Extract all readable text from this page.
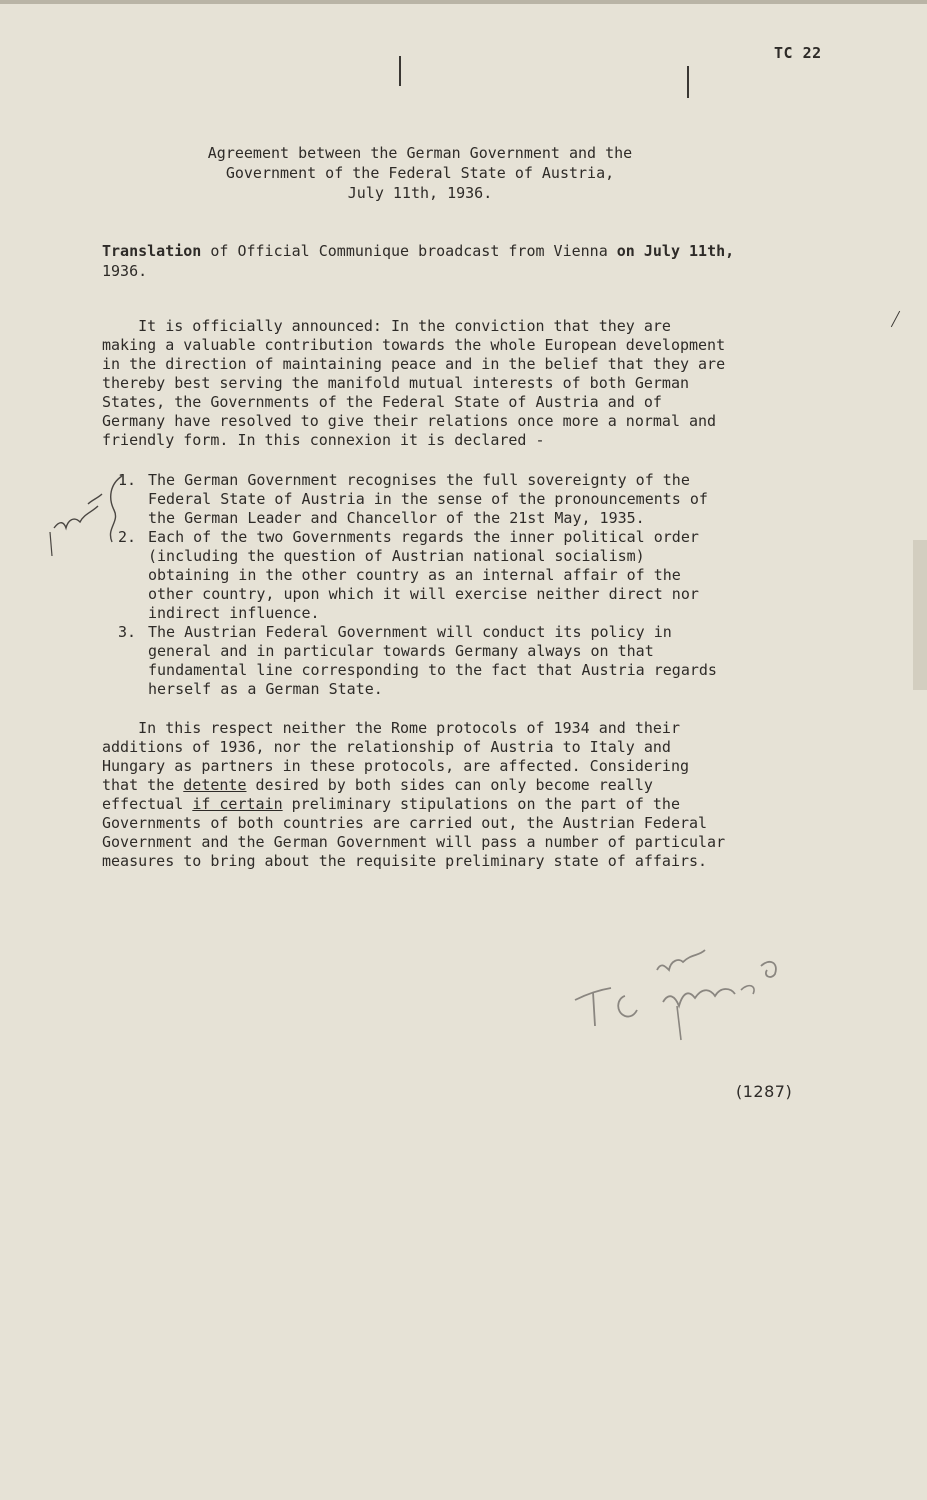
TC 22
Agreement between the German Government and the
Government of the Federal State of Austria,
July 11th, 1936.
Translation of Official Communique broadcast from Vienna on July 11th,
1936.
It is officially announced: In the conviction that they are
making a valuable contribution towards the whole European development
in the direction of maintaining peace and in the belief that they are
thereby best serving the manifold mutual interests of both German
States, the Governments of the Federal State of Austria and of
Germany have resolved to give their relations once more a normal and
friendly form. In this connexion it is declared -
1. The German Government recognises the full sovereignty of the
Federal State of Austria in the sense of the pronouncements of
the German Leader and Chancellor of the 21st May, 1935.
2. Each of the two Governments regards the inner political order
(including the question of Austrian national socialism)
obtaining in the other country as an internal affair of the
other country, upon which it will exercise neither direct nor
indirect influence.
3. The Austrian Federal Government will conduct its policy in
general and in particular towards Germany always on that
fundamental line corresponding to the fact that Austria regards
herself as a German State.
In this respect neither the Rome protocols of 1934 and their
additions of 1936, nor the relationship of Austria to Italy and
Hungary as partners in these protocols, are affected. Considering
that the detente desired by both sides can only become really
effectual if certain preliminary stipulations on the part of the
Governments of both countries are carried out, the Austrian Federal
Government and the German Government will pass a number of particular
measures to bring about the requisite preliminary state of affairs.
(1287)
